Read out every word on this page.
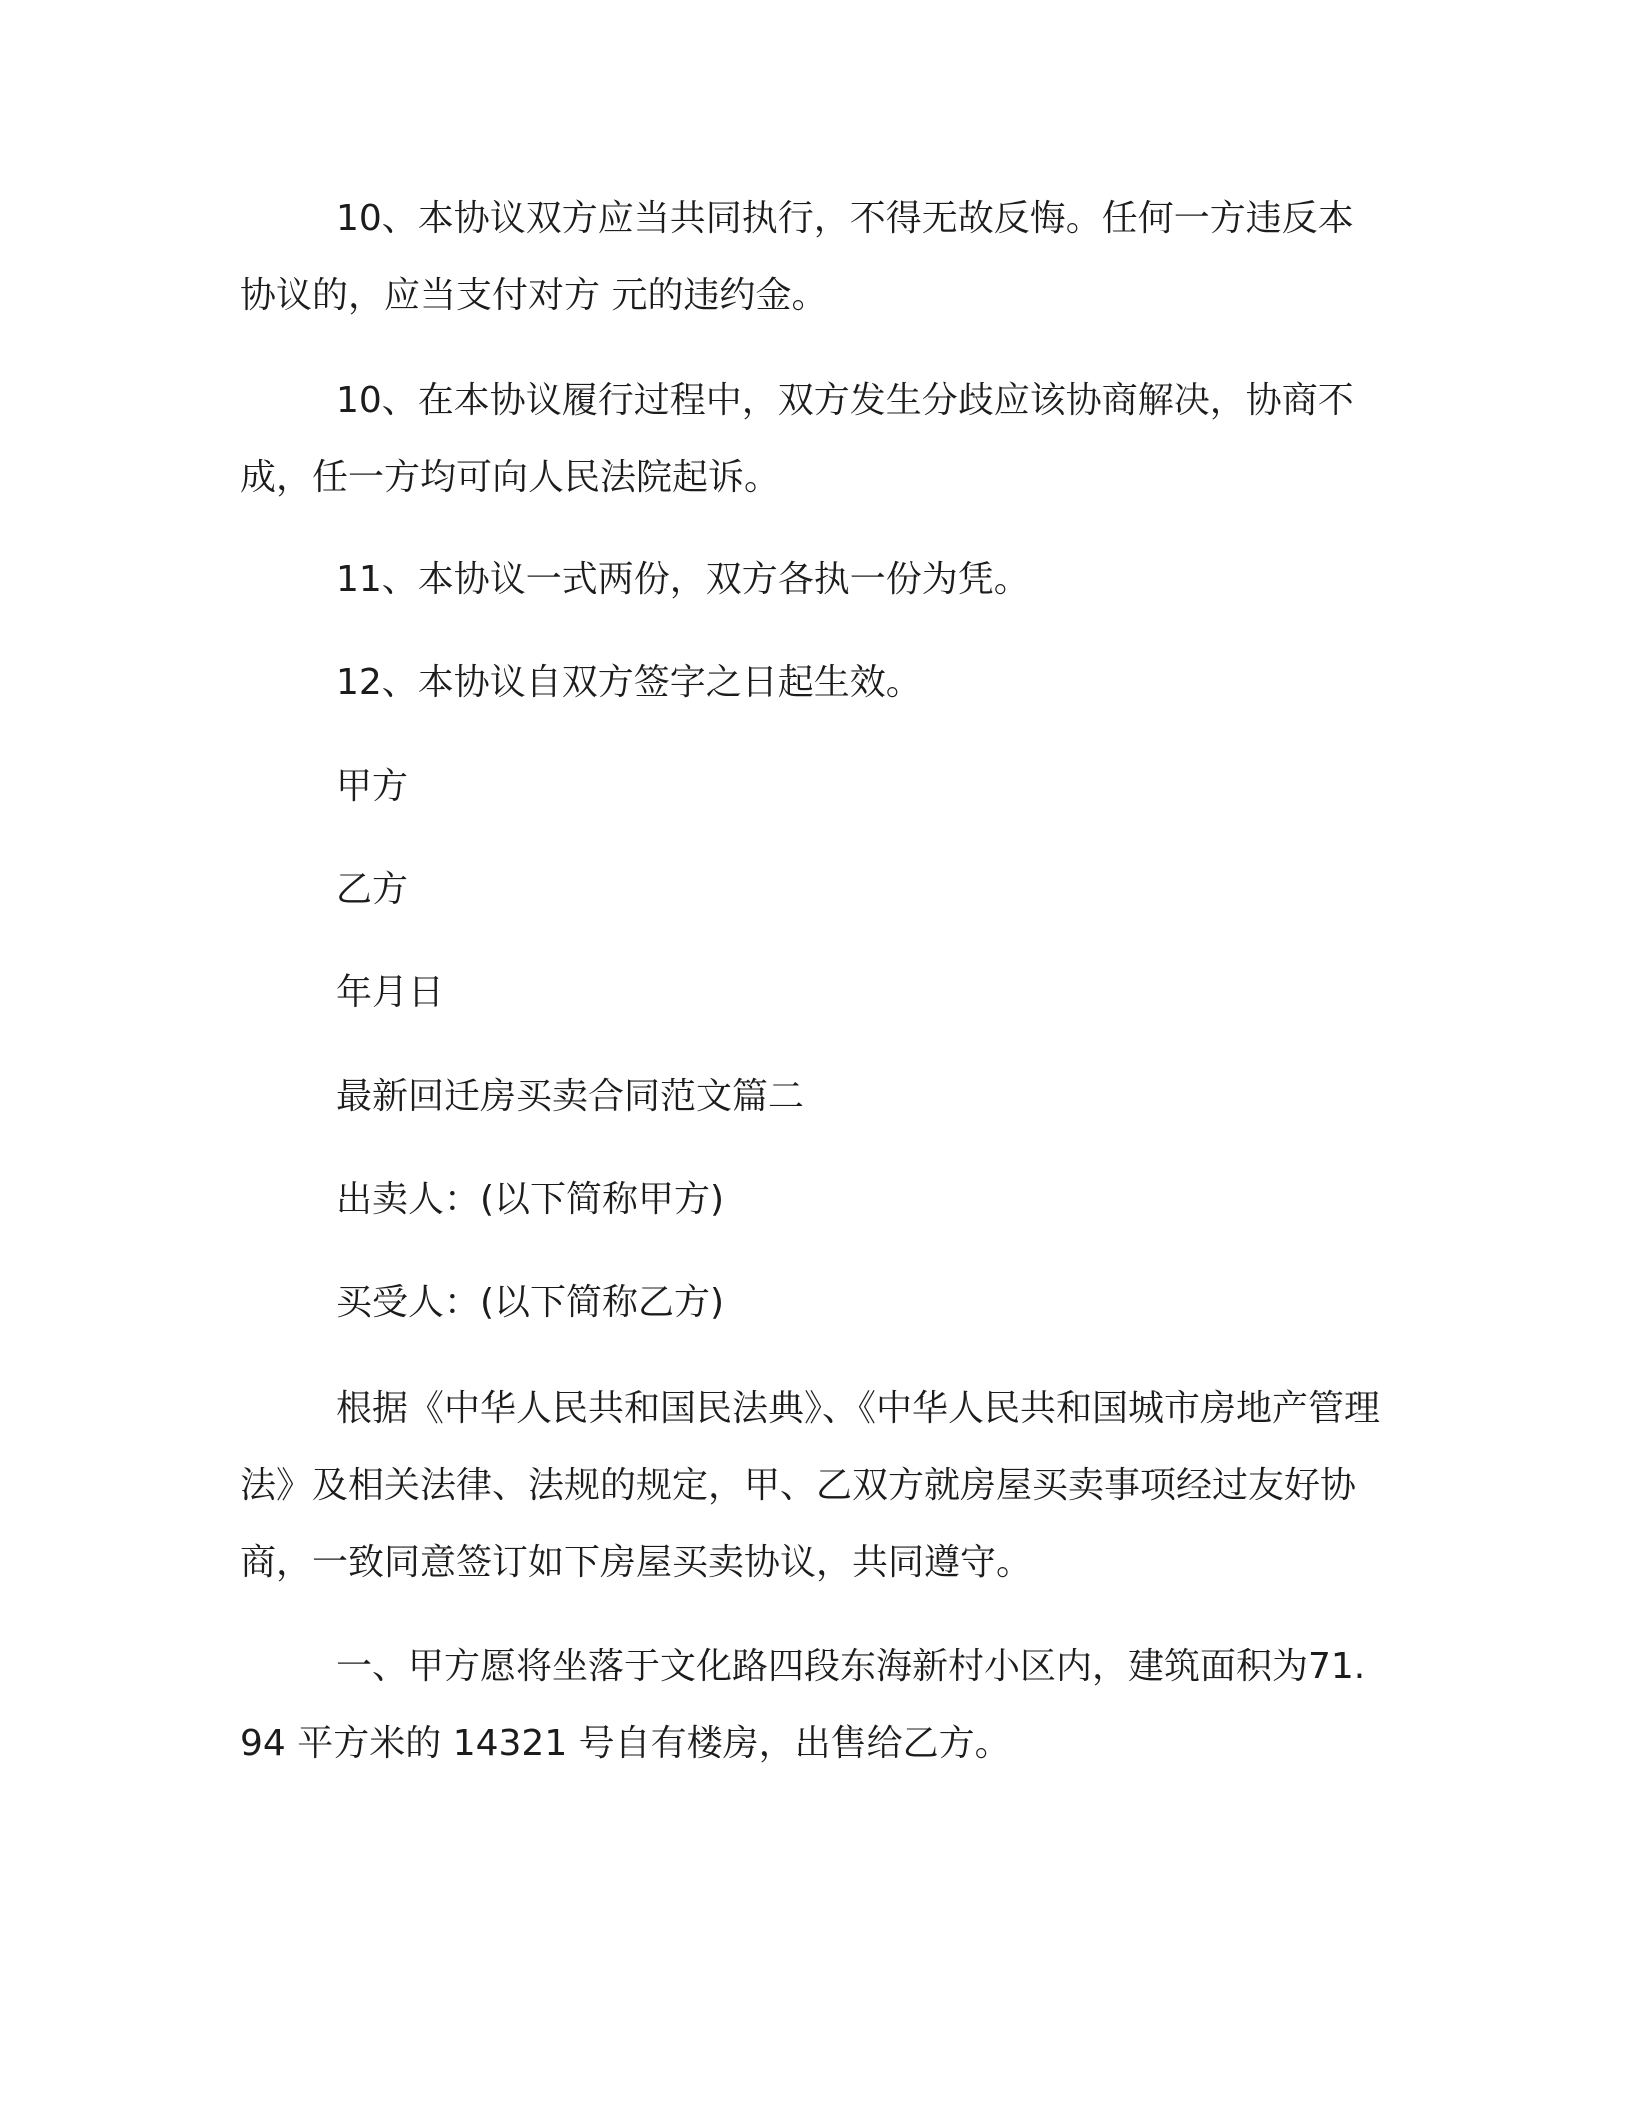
10、本协议双方应当共同执行，不得无故反悔。任何一方违反本协议的，应当支付对方 元的违约金。

10、在本协议履行过程中，双方发生分歧应该协商解决，协商不成，任一方均可向人民法院起诉。

11、本协议一式两份，双方各执一份为凭。

12、本协议自双方签字之日起生效。

甲方

乙方

年月日

最新回迁房买卖合同范文篇二

出卖人：(以下简称甲方)

买受人：(以下简称乙方)

根据《中华人民共和国民法典》、《中华人民共和国城市房地产管理法》及相关法律、法规的规定，甲、乙双方就房屋买卖事项经过友好协商，一致同意签订如下房屋买卖协议，共同遵守。

一、甲方愿将坐落于文化路四段东海新村小区内，建筑面积为71.94 平方米的 14321 号自有楼房，出售给乙方。
